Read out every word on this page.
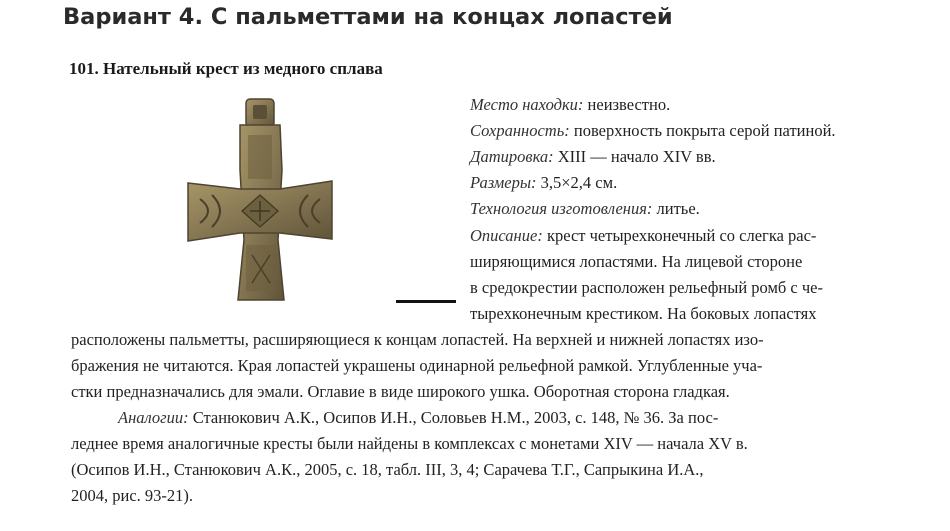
Вариант 4. С пальметтами на концах лопастей
101. Нательный крест из медного сплава
Место находки: неизвестно.
Сохранность: поверхность покрыта серой патиной.
Датировка: XIII — начало XIV вв.
Размеры: 3,5×2,4 см.
Технология изготовления: литье.
Описание: крест четырехконечный со слегка рас-
ширяющимися лопастями. На лицевой стороне
в средокрестии расположен рельефный ромб с че-
тырехконечным крестиком. На боковых лопастях
расположены пальметты, расширяющиеся к концам лопастей. На верхней и нижней лопастях изо-
бражения не читаются. Края лопастей украшены одинарной рельефной рамкой. Углубленные уча-
стки предназначались для эмали. Оглавие в виде широкого ушка. Оборотная сторона гладкая.
Аналогии: Станюкович А.К., Осипов И.Н., Соловьев Н.М., 2003, с. 148, № 36. За пос-
леднее время аналогичные кресты были найдены в комплексах с монетами XIV — начала XV в.
(Осипов И.Н., Станюкович А.К., 2005, с. 18, табл. III, 3, 4; Сарачева Т.Г., Сапрыкина И.А.,
2004, рис. 93-21).
